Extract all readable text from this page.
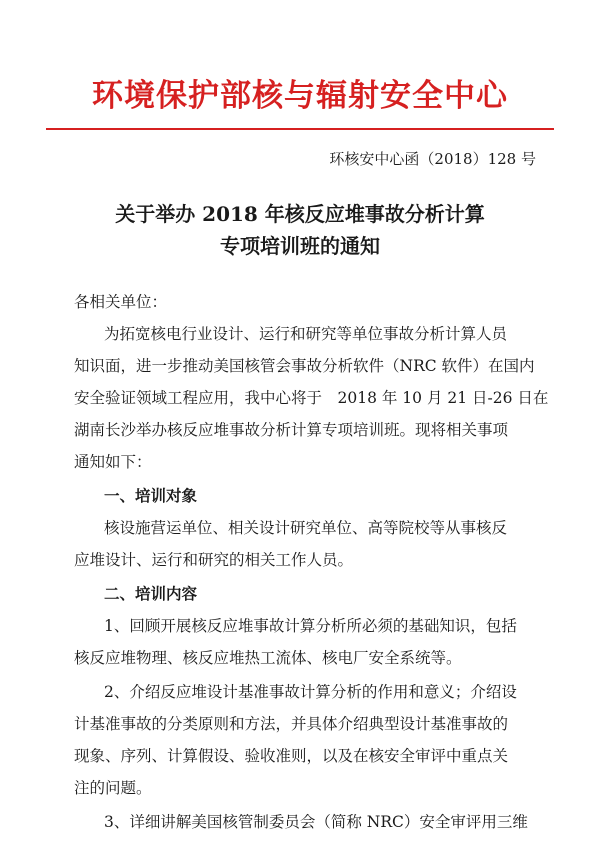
环境保护部核与辐射安全中心
环核安中心函（2018）128 号
关于举办 2018 年核反应堆事故分析计算
专项培训班的通知
各相关单位：
为拓宽核电行业设计、运行和研究等单位事故分析计算人员
知识面，进一步推动美国核管会事故分析软件（NRC 软件）在国内
安全验证领域工程应用，我中心将于　2018 年 10 月 21 日-26 日在
湖南长沙举办核反应堆事故分析计算专项培训班。现将相关事项
通知如下：
一、培训对象
核设施营运单位、相关设计研究单位、高等院校等从事核反
应堆设计、运行和研究的相关工作人员。
二、培训内容
1、回顾开展核反应堆事故计算分析所必须的基础知识，包括
核反应堆物理、核反应堆热工流体、核电厂安全系统等。
2、介绍反应堆设计基准事故计算分析的作用和意义；介绍设
计基准事故的分类原则和方法，并具体介绍典型设计基准事故的
现象、序列、计算假设、验收准则，以及在核安全审评中重点关
注的问题。
3、详细讲解美国核管制委员会（简称 NRC）安全审评用三维
